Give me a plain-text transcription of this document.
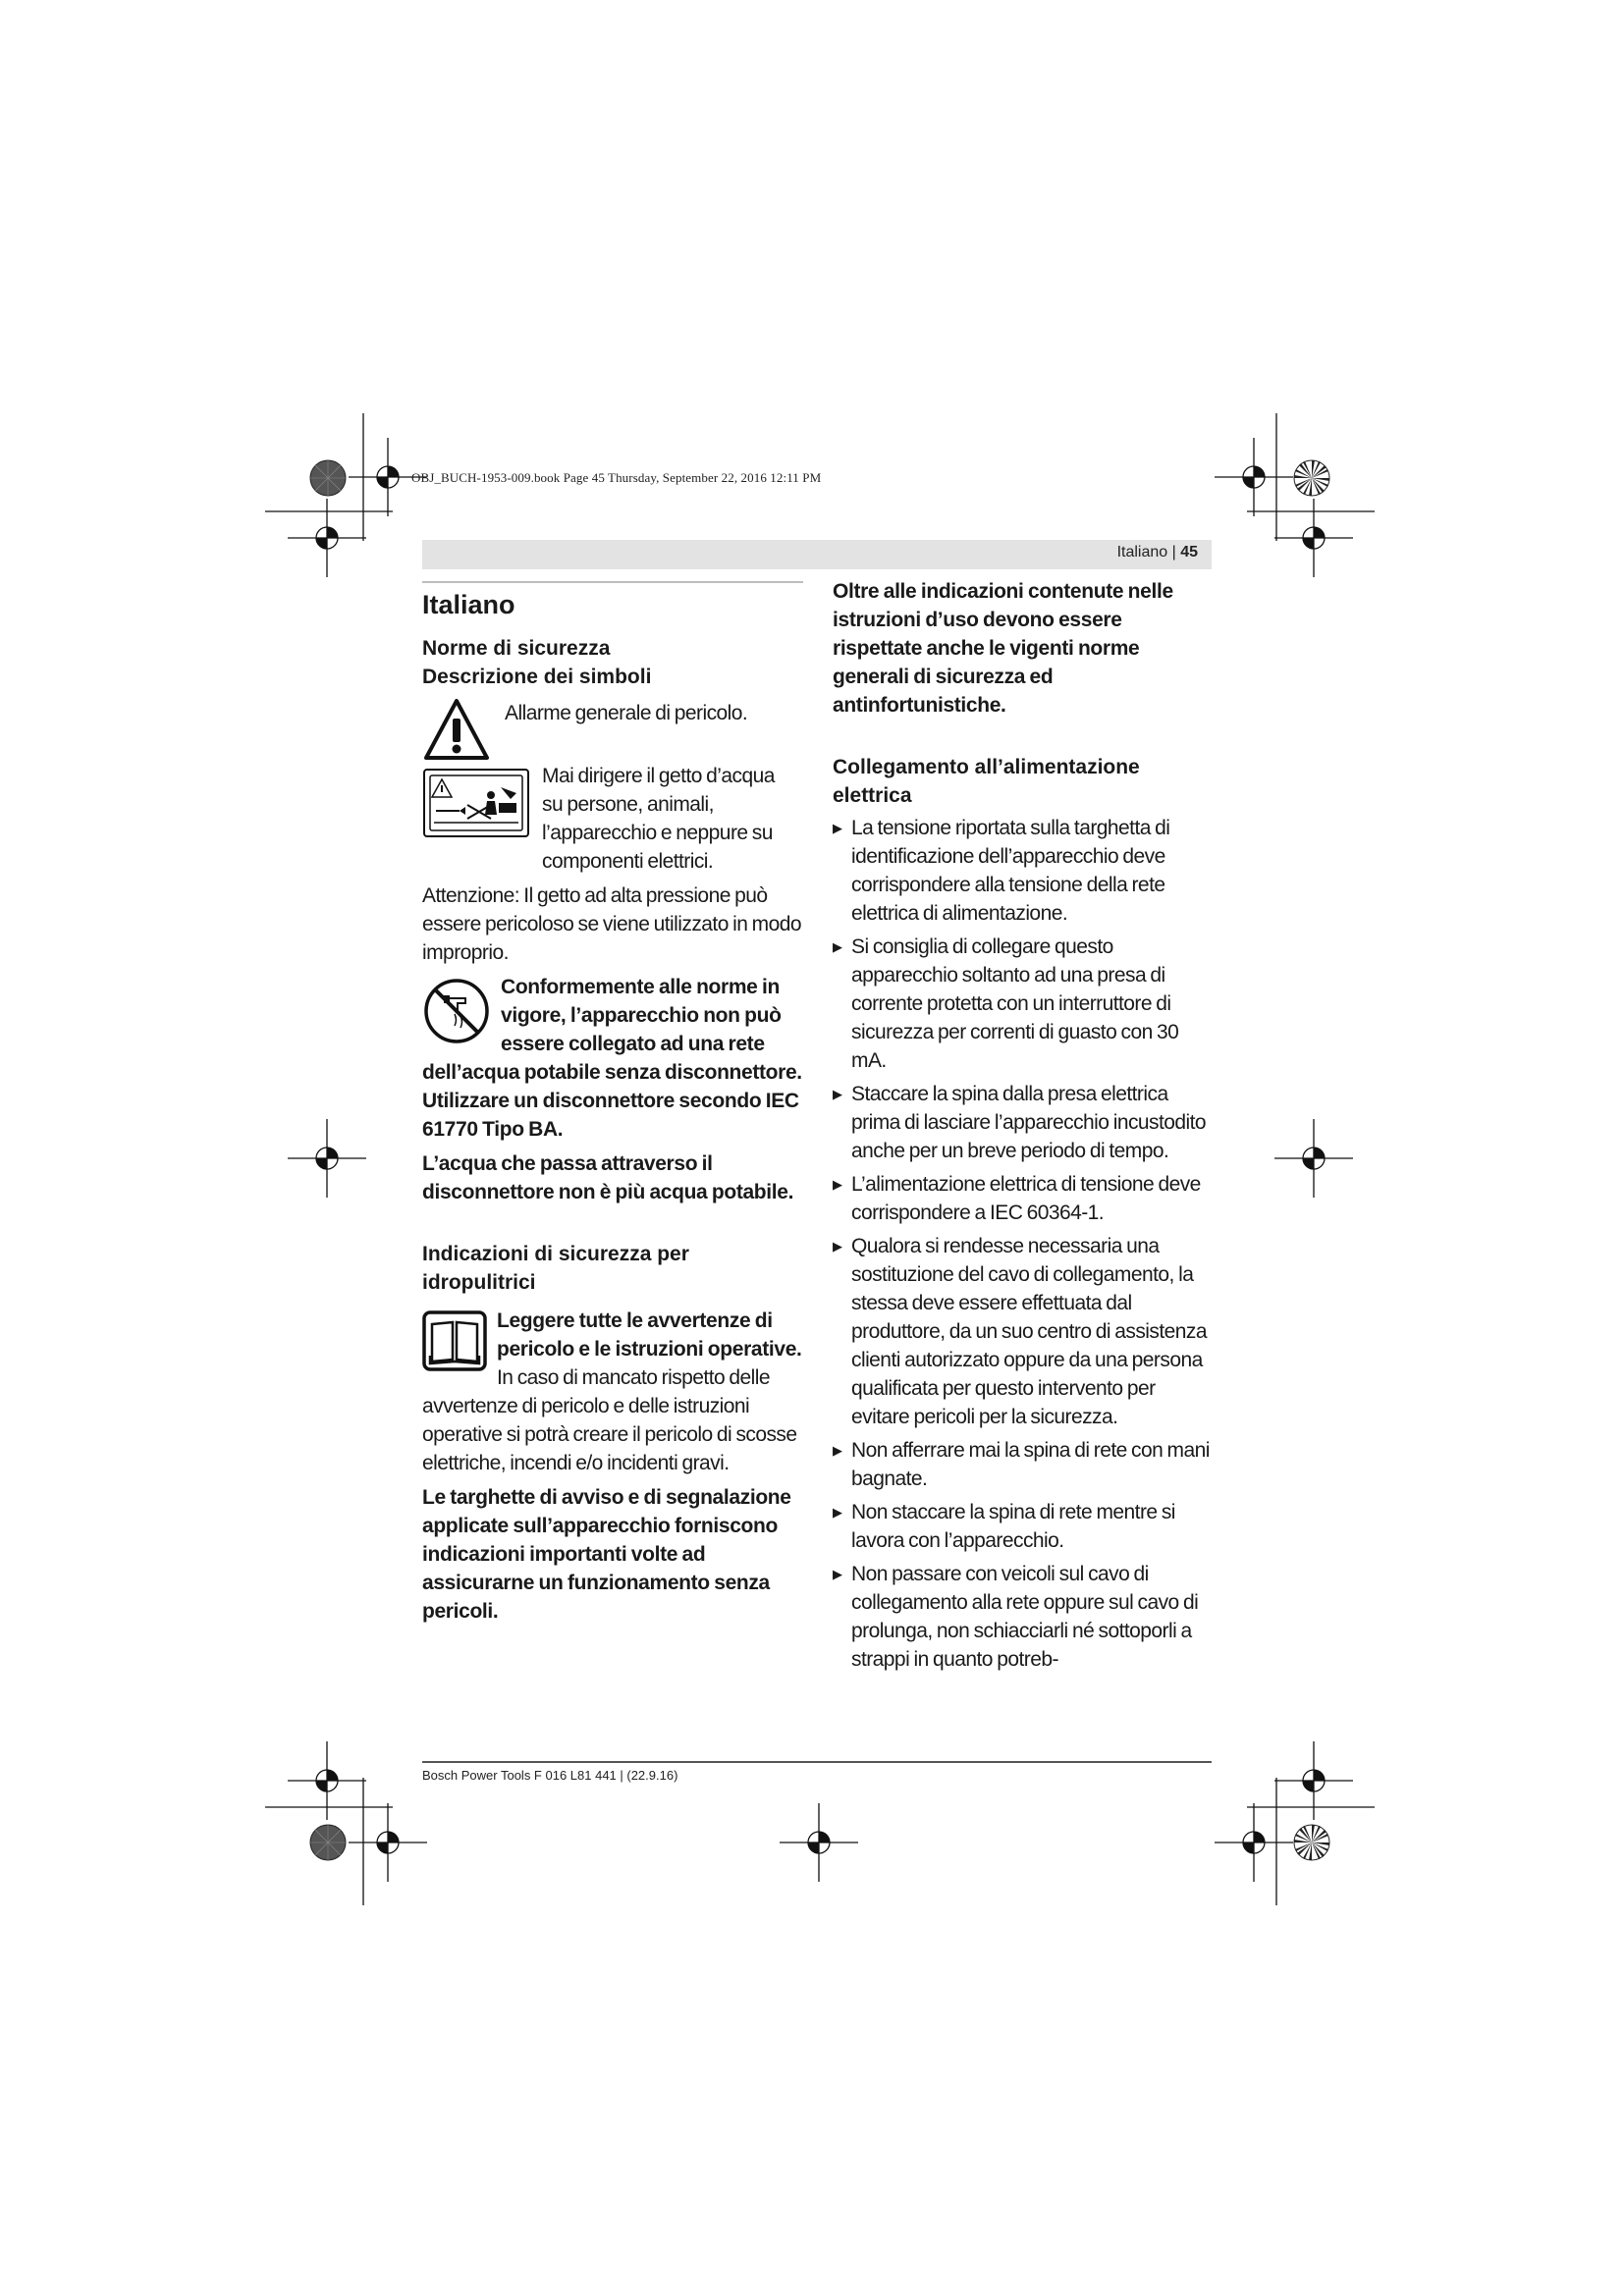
OBJ_BUCH-1953-009.book Page 45 Thursday, September 22, 2016 12:11 PM
Italiano | 45
Italiano
Norme di sicurezza
Descrizione dei simboli

Allarme generale di pericolo.

Mai dirigere il getto d’acqua su persone, animali, l’apparecchio e neppure su componenti elettrici.

Attenzione: Il getto ad alta pressione può essere pericoloso se viene utilizzato in modo improprio.

Conformemente alle norme in vigore, l’apparecchio non può essere collegato ad una rete dell’acqua potabile senza disconnettore. Utilizzare un disconnettore secondo IEC 61770 Tipo BA.

L’acqua che passa attraverso il disconnettore non è più acqua potabile.

Indicazioni di sicurezza per idropulitrici

Leggere tutte le avvertenze di pericolo e le istruzioni operative. In caso di mancato rispetto delle avvertenze di pericolo e delle istruzioni operative si potrà creare il pericolo di scosse elettriche, incendi e/o incidenti gravi.

Le targhette di avviso e di segnalazione applicate sull’apparecchio forniscono indicazioni importanti volte ad assicurarne un funzionamento senza pericoli.

Oltre alle indicazioni contenute nelle istruzioni d’uso devono essere rispettate anche le vigenti norme generali di sicurezza ed antinfortunistiche.

Collegamento all’alimentazione elettrica
▶ La tensione riportata sulla targhetta di identificazione dell’apparecchio deve corrispondere alla tensione della rete elettrica di alimentazione.
▶ Si consiglia di collegare questo apparecchio soltanto ad una presa di corrente protetta con un interruttore di sicurezza per correnti di guasto con 30 mA.
▶ Staccare la spina dalla presa elettrica prima di lasciare l’apparecchio incustodito anche per un breve periodo di tempo.
▶ L’alimentazione elettrica di tensione deve corrispondere a IEC 60364-1.
▶ Qualora si rendesse necessaria una sostituzione del cavo di collegamento, la stessa deve essere effettuata dal produttore, da un suo centro di assistenza clienti autorizzato oppure da una persona qualificata per questo intervento per evitare pericoli per la sicurezza.
▶ Non afferrare mai la spina di rete con mani bagnate.
▶ Non staccare la spina di rete mentre si lavora con l’apparecchio.
▶ Non passare con veicoli sul cavo di collegamento alla rete oppure sul cavo di prolunga, non schiacciarli né sottoporli a strappi in quanto potreb-
Bosch Power Tools F 016 L81 441 | (22.9.16)
